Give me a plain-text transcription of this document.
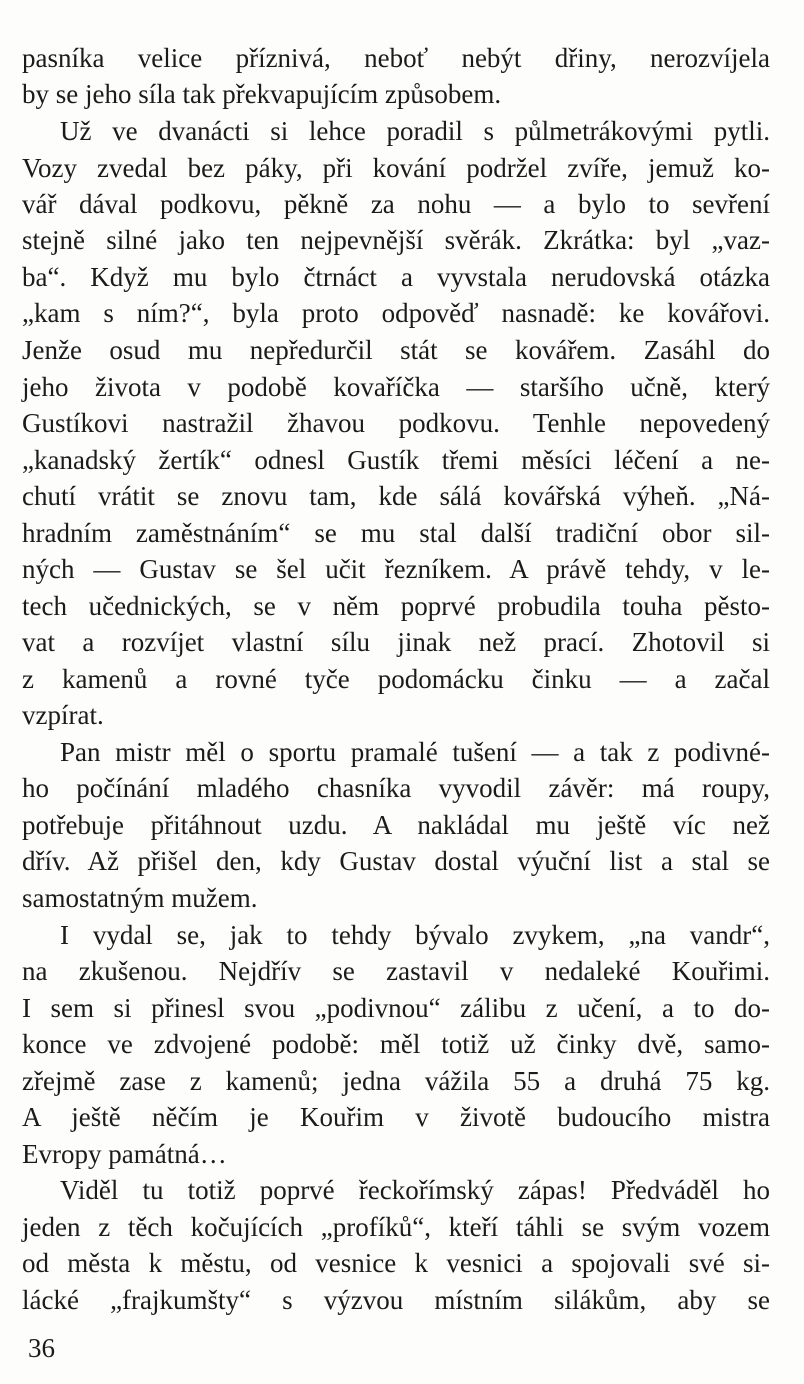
pasníka velice příznivá, neboť nebýt dřiny, nerozvíjela
by se jeho síla tak překvapujícím způsobem.
Už ve dvanácti si lehce poradil s půlmetrákovými pytli.
Vozy zvedal bez páky, při kování podržel zvíře, jemuž ko-
vář dával podkovu, pěkně za nohu — a bylo to sevření
stejně silné jako ten nejpevnější svěrák. Zkrátka: byl „vaz-
ba“. Když mu bylo čtrnáct a vyvstala nerudovská otázka
„kam s ním?“, byla proto odpověď nasnadě: ke kovářovi.
Jenže osud mu nepředurčil stát se kovářem. Zasáhl do
jeho života v podobě kovaříčka — staršího učně, který
Gustíkovi nastražil žhavou podkovu. Tenhle nepovedený
„kanadský žertík“ odnesl Gustík třemi měsíci léčení a ne-
chutí vrátit se znovu tam, kde sálá kovářská výheň. „Ná-
hradním zaměstnáním“ se mu stal další tradiční obor sil-
ných — Gustav se šel učit řezníkem. A právě tehdy, v le-
tech učednických, se v něm poprvé probudila touha pěsto-
vat a rozvíjet vlastní sílu jinak než prací. Zhotovil si
z kamenů a rovné tyče podomácku činku — a začal
vzpírat.
Pan mistr měl o sportu pramalé tušení — a tak z podivné-
ho počínání mladého chasníka vyvodil závěr: má roupy,
potřebuje přitáhnout uzdu. A nakládal mu ještě víc než
dřív. Až přišel den, kdy Gustav dostal výuční list a stal se
samostatným mužem.
I vydal se, jak to tehdy bývalo zvykem, „na vandr“,
na zkušenou. Nejdřív se zastavil v nedaleké Kouřimi.
I sem si přinesl svou „podivnou“ zálibu z učení, a to do-
konce ve zdvojené podobě: měl totiž už činky dvě, samo-
zřejmě zase z kamenů; jedna vážila 55 a druhá 75 kg.
A ještě něčím je Kouřim v životě budoucího mistra
Evropy památná…
Viděl tu totiž poprvé řeckořímský zápas! Předváděl ho
jeden z těch kočujících „profíků“, kteří táhli se svým vozem
od města k městu, od vesnice k vesnici a spojovali své si-
lácké „frajkumšty“ s výzvou místním silákům, aby se
36
